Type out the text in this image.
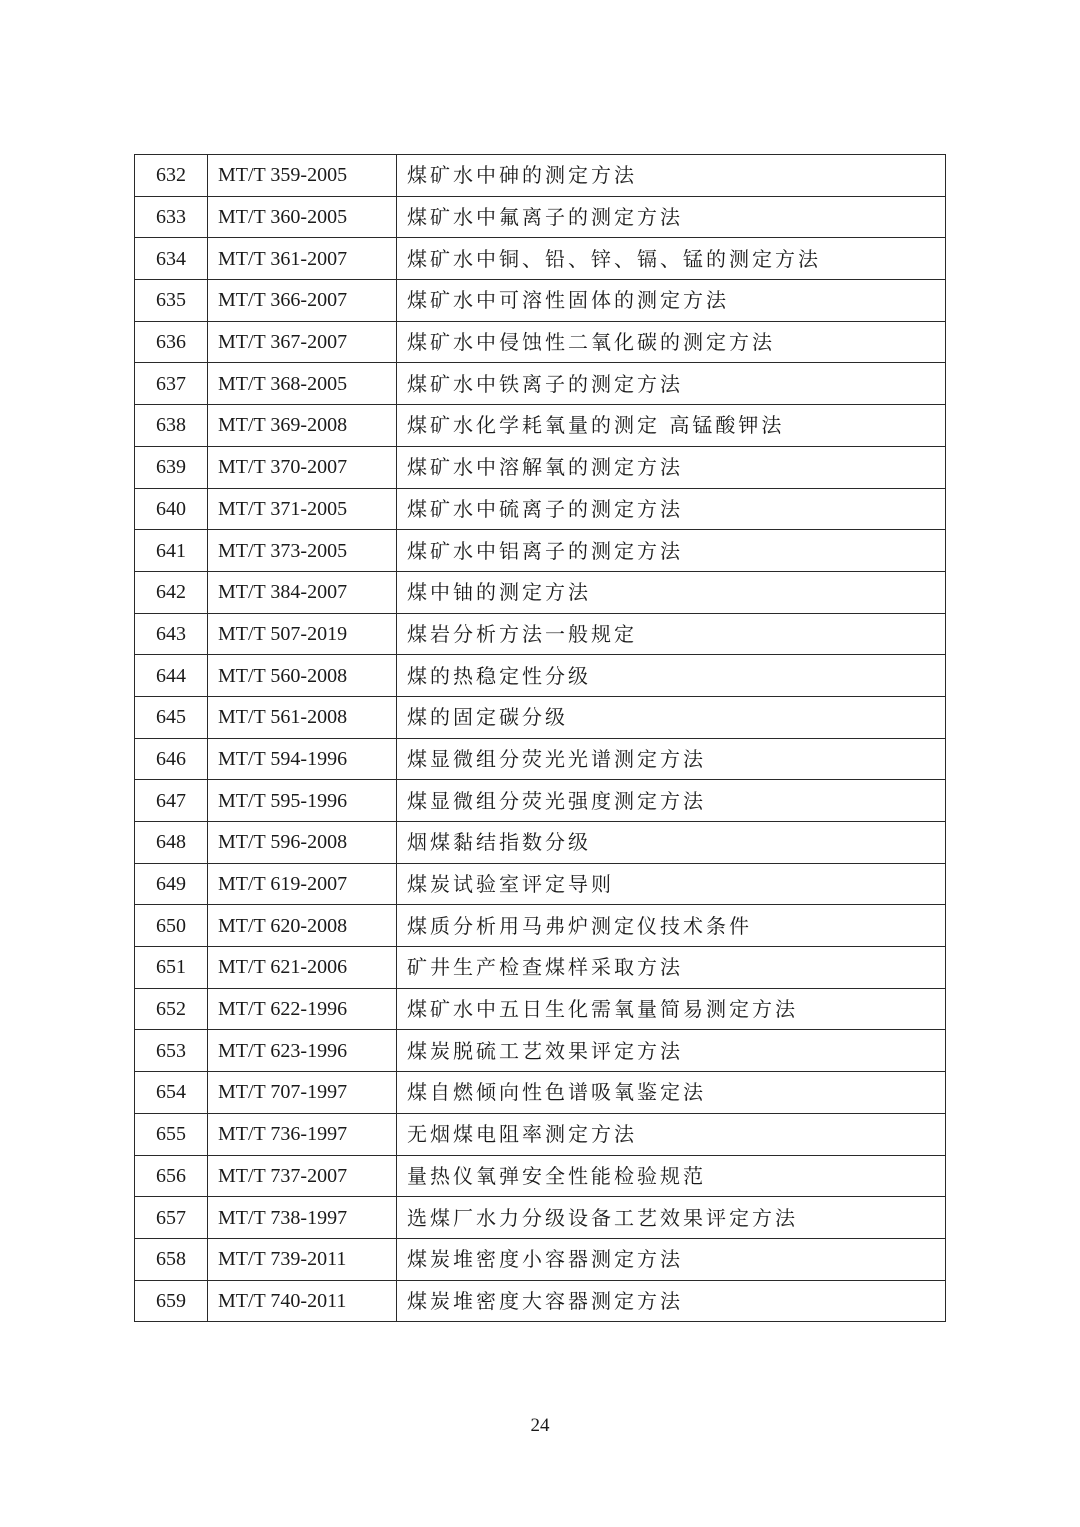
632	MT/T 359-2005	煤矿水中砷的测定方法
633	MT/T 360-2005	煤矿水中氟离子的测定方法
634	MT/T 361-2007	煤矿水中铜、铅、锌、镉、锰的测定方法
635	MT/T 366-2007	煤矿水中可溶性固体的测定方法
636	MT/T 367-2007	煤矿水中侵蚀性二氧化碳的测定方法
637	MT/T 368-2005	煤矿水中铁离子的测定方法
638	MT/T 369-2008	煤矿水化学耗氧量的测定 高锰酸钾法
639	MT/T 370-2007	煤矿水中溶解氧的测定方法
640	MT/T 371-2005	煤矿水中硫离子的测定方法
641	MT/T 373-2005	煤矿水中铝离子的测定方法
642	MT/T 384-2007	煤中铀的测定方法
643	MT/T 507-2019	煤岩分析方法一般规定
644	MT/T 560-2008	煤的热稳定性分级
645	MT/T 561-2008	煤的固定碳分级
646	MT/T 594-1996	煤显微组分荧光光谱测定方法
647	MT/T 595-1996	煤显微组分荧光强度测定方法
648	MT/T 596-2008	烟煤黏结指数分级
649	MT/T 619-2007	煤炭试验室评定导则
650	MT/T 620-2008	煤质分析用马弗炉测定仪技术条件
651	MT/T 621-2006	矿井生产检查煤样采取方法
652	MT/T 622-1996	煤矿水中五日生化需氧量简易测定方法
653	MT/T 623-1996	煤炭脱硫工艺效果评定方法
654	MT/T 707-1997	煤自燃倾向性色谱吸氧鉴定法
655	MT/T 736-1997	无烟煤电阻率测定方法
656	MT/T 737-2007	量热仪氧弹安全性能检验规范
657	MT/T 738-1997	选煤厂水力分级设备工艺效果评定方法
658	MT/T 739-2011	煤炭堆密度小容器测定方法
659	MT/T 740-2011	煤炭堆密度大容器测定方法
24
